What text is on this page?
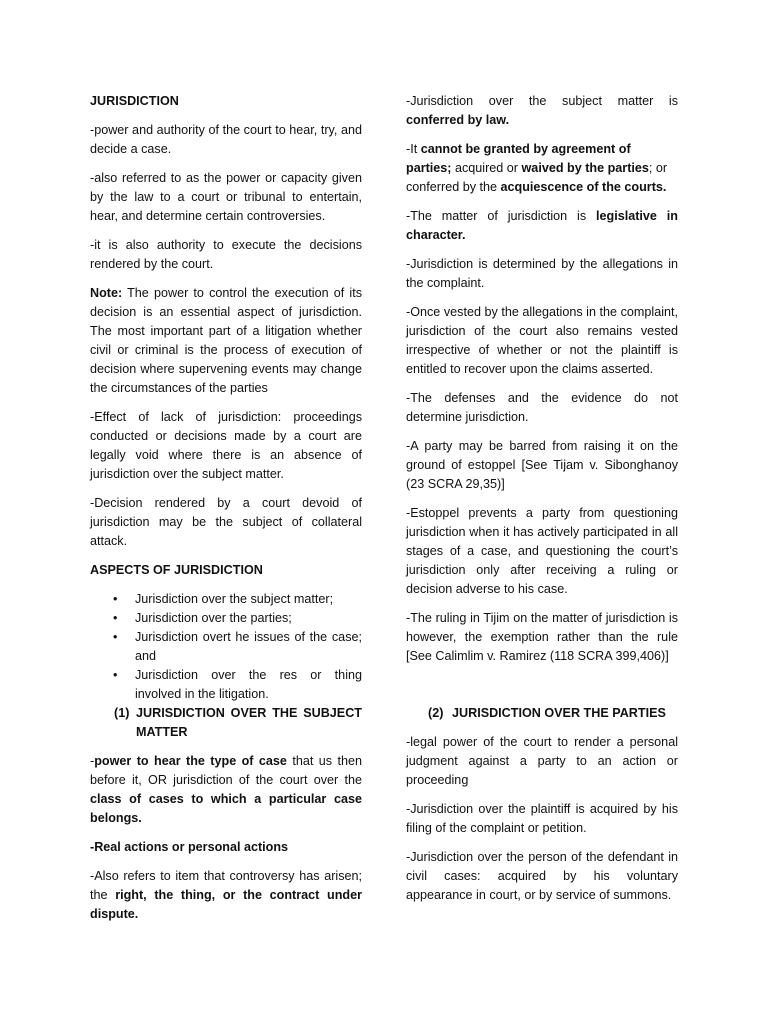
JURISDICTION

-power and authority of the court to hear, try, and decide a case.

-also referred to as the power or capacity given by the law to a court or tribunal to entertain, hear, and determine certain controversies.

-it is also authority to execute the decisions rendered by the court.

Note: The power to control the execution of its decision is an essential aspect of jurisdiction. The most important part of a litigation whether civil or criminal is the process of execution of decision where supervening events may change the circumstances of the parties

-Effect of lack of jurisdiction: proceedings conducted or decisions made by a court are legally void where there is an absence of jurisdiction over the subject matter.

-Decision rendered by a court devoid of jurisdiction may be the subject of collateral attack.

ASPECTS OF JURISDICTION
• Jurisdiction over the subject matter;
• Jurisdiction over the parties;
• Jurisdiction overt he issues of the case; and
• Jurisdiction over the res or thing involved in the litigation.
(1) JURISDICTION OVER THE SUBJECT MATTER

-power to hear the type of case that us then before it, OR jurisdiction of the court over the class of cases to which a particular case belongs.

-Real actions or personal actions

-Also refers to item that controversy has arisen; the right, the thing, or the contract under dispute.

-Jurisdiction over the subject matter is conferred by law.

-It cannot be granted by agreement of parties; acquired or waived by the parties; or conferred by the acquiescence of the courts.

-The matter of jurisdiction is legislative in character.

-Jurisdiction is determined by the allegations in the complaint.

-Once vested by the allegations in the complaint, jurisdiction of the court also remains vested irrespective of whether or not the plaintiff is entitled to recover upon the claims asserted.

-The defenses and the evidence do not determine jurisdiction.

-A party may be barred from raising it on the ground of estoppel [See Tijam v. Sibonghanoy (23 SCRA 29,35)]

-Estoppel prevents a party from questioning jurisdiction when it has actively participated in all stages of a case, and questioning the court’s jurisdiction only after receiving a ruling or decision adverse to his case.

-The ruling in Tijim on the matter of jurisdiction is however, the exemption rather than the rule [See Calimlim v. Ramirez (118 SCRA 399,406)]

(2) JURISDICTION OVER THE PARTIES

-legal power of the court to render a personal judgment against a party to an action or proceeding

-Jurisdiction over the plaintiff is acquired by his filing of the complaint or petition.

-Jurisdiction over the person of the defendant in civil cases: acquired by his voluntary appearance in court, or by service of summons.
